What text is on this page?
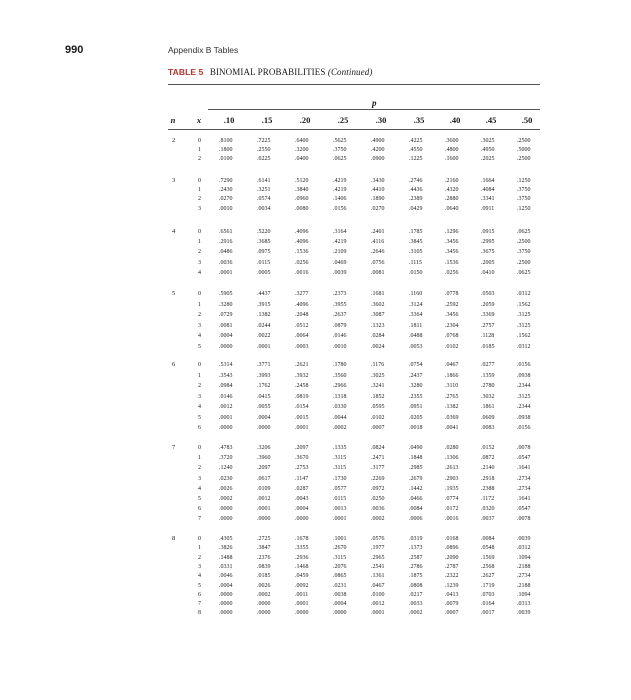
990	Appendix B Tables
TABLE 5 BINOMIAL PROBABILITIES (Continued)
p
n	x	.10	.15	.20	.25	.30	.35	.40	.45	.50
2	0	.8100	.7225	.6400	.5625	.4900	.4225	.3600	.3025	.2500
1	.1800	.2550	.3200	.3750	.4200	.4550	.4800	.4950	.5000
2	.0100	.0225	.0400	.0625	.0900	.1225	.1600	.2025	.2500
3	0	.7290	.6141	.5120	.4219	.3430	.2746	.2160	.1664	.1250
1	.2430	.3251	.3840	.4219	.4410	.4436	.4320	.4084	.3750
2	.0270	.0574	.0960	.1406	.1890	.2389	.2880	.3341	.3750
3	.0010	.0034	.0080	.0156	.0270	.0429	.0640	.0911	.1250
4	0	.6561	.5220	.4096	.3164	.2401	.1785	.1296	.0915	.0625
1	.2916	.3685	.4096	.4219	.4116	.3845	.3456	.2995	.2500
2	.0486	.0975	.1536	.2109	.2646	.3105	.3456	.3675	.3750
3	.0036	.0115	.0256	.0469	.0756	.1115	.1536	.2005	.2500
4	.0001	.0005	.0016	.0039	.0081	.0150	.0256	.0410	.0625
5	0	.5905	.4437	.3277	.2373	.1681	.1160	.0778	.0503	.0312
1	.3280	.3915	.4096	.3955	.3602	.3124	.2592	.2059	.1562
2	.0729	.1382	.2048	.2637	.3087	.3364	.3456	.3369	.3125
3	.0081	.0244	.0512	.0879	.1323	.1811	.2304	.2757	.3125
4	.0004	.0022	.0064	.0146	.0284	.0488	.0768	.1128	.1562
5	.0000	.0001	.0003	.0010	.0024	.0053	.0102	.0185	.0312
6	0	.5314	.3771	.2621	.1780	.1176	.0754	.0467	.0277	.0156
1	.3543	.3993	.3932	.3560	.3025	.2437	.1866	.1359	.0938
2	.0984	.1762	.2458	.2966	.3241	.3280	.3110	.2780	.2344
3	.0146	.0415	.0819	.1318	.1852	.2355	.2765	.3032	.3125
4	.0012	.0055	.0154	.0330	.0595	.0951	.1382	.1861	.2344
5	.0001	.0004	.0015	.0044	.0102	.0205	.0369	.0609	.0938
6	.0000	.0000	.0001	.0002	.0007	.0018	.0041	.0083	.0156
7	0	.4783	.3206	.2097	.1335	.0824	.0490	.0280	.0152	.0078
1	.3720	.3960	.3670	.3115	.2471	.1848	.1306	.0872	.0547
2	.1240	.2097	.2753	.3115	.3177	.2985	.2613	.2140	.1641
3	.0230	.0617	.1147	.1730	.2269	.2679	.2903	.2918	.2734
4	.0026	.0109	.0287	.0577	.0972	.1442	.1935	.2388	.2734
5	.0002	.0012	.0043	.0115	.0250	.0466	.0774	.1172	.1641
6	.0000	.0001	.0004	.0013	.0036	.0084	.0172	.0320	.0547
7	.0000	.0000	.0000	.0001	.0002	.0006	.0016	.0037	.0078
8	0	.4305	.2725	.1678	.1001	.0576	.0319	.0168	.0084	.0039
1	.3826	.3847	.3355	.2670	.1977	.1373	.0896	.0548	.0312
2	.1488	.2376	.2936	.3115	.2965	.2587	.2090	.1569	.1094
3	.0331	.0839	.1468	.2076	.2541	.2786	.2787	.2568	.2188
4	.0046	.0185	.0459	.0865	.1361	.1875	.2322	.2627	.2734
5	.0004	.0026	.0092	.0231	.0467	.0808	.1239	.1719	.2188
6	.0000	.0002	.0011	.0038	.0100	.0217	.0413	.0703	.1094
7	.0000	.0000	.0001	.0004	.0012	.0033	.0079	.0164	.0313
8	.0000	.0000	.0000	.0000	.0001	.0002	.0007	.0017	.0039
